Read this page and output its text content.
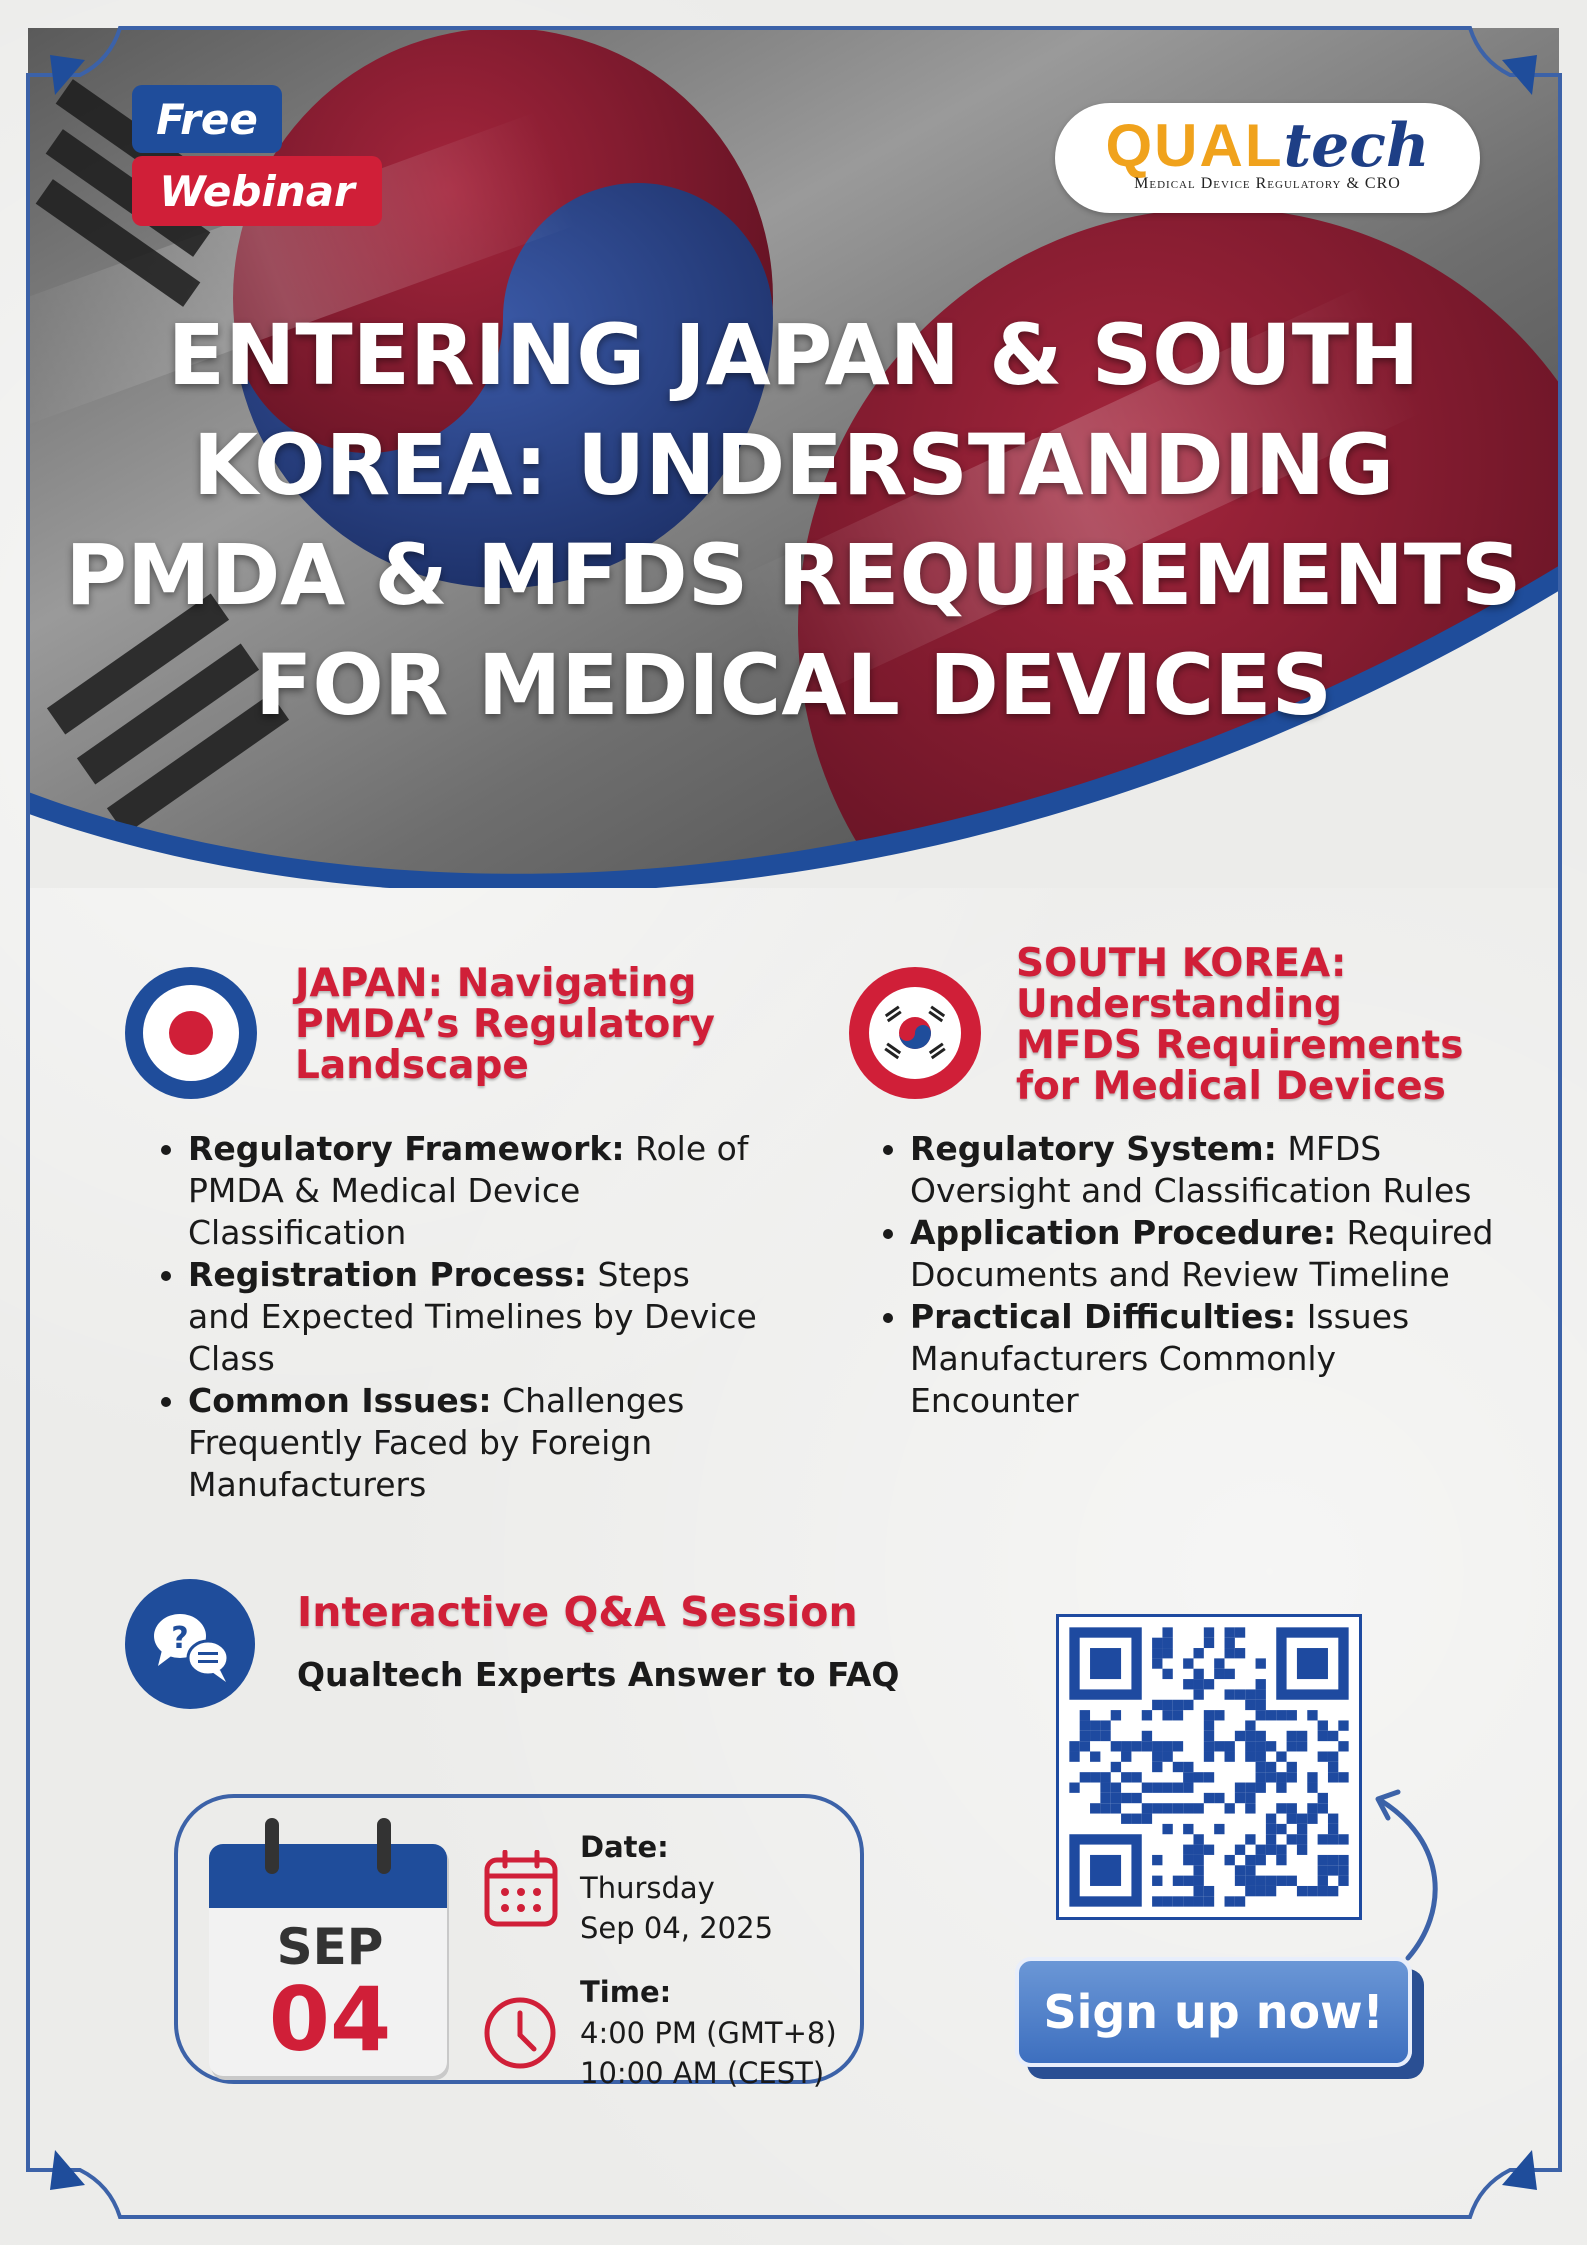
Free
Webinar
QUALtech
Medical Device Regulatory & CRO
ENTERING JAPAN & SOUTH
KOREA: UNDERSTANDING
PMDA & MFDS REQUIREMENTS
FOR MEDICAL DEVICES
JAPAN: Navigating
PMDA’s Regulatory
Landscape
• Regulatory Framework: Role of PMDA & Medical Device Classification
• Registration Process: Steps and Expected Timelines by Device Class
• Common Issues: Challenges Frequently Faced by Foreign Manufacturers
SOUTH KOREA:
Understanding
MFDS Requirements
for Medical Devices
• Regulatory System: MFDS Oversight and Classification Rules
• Application Procedure: Required Documents and Review Timeline
• Practical Difficulties: Issues Manufacturers Commonly Encounter
?
Interactive Q&A Session
Qualtech Experts Answer to FAQ
SEP
04
Date:
Thursday
Sep 04, 2025
Time:
4:00 PM (GMT+8)
10:00 AM (CEST)
Sign up now!
